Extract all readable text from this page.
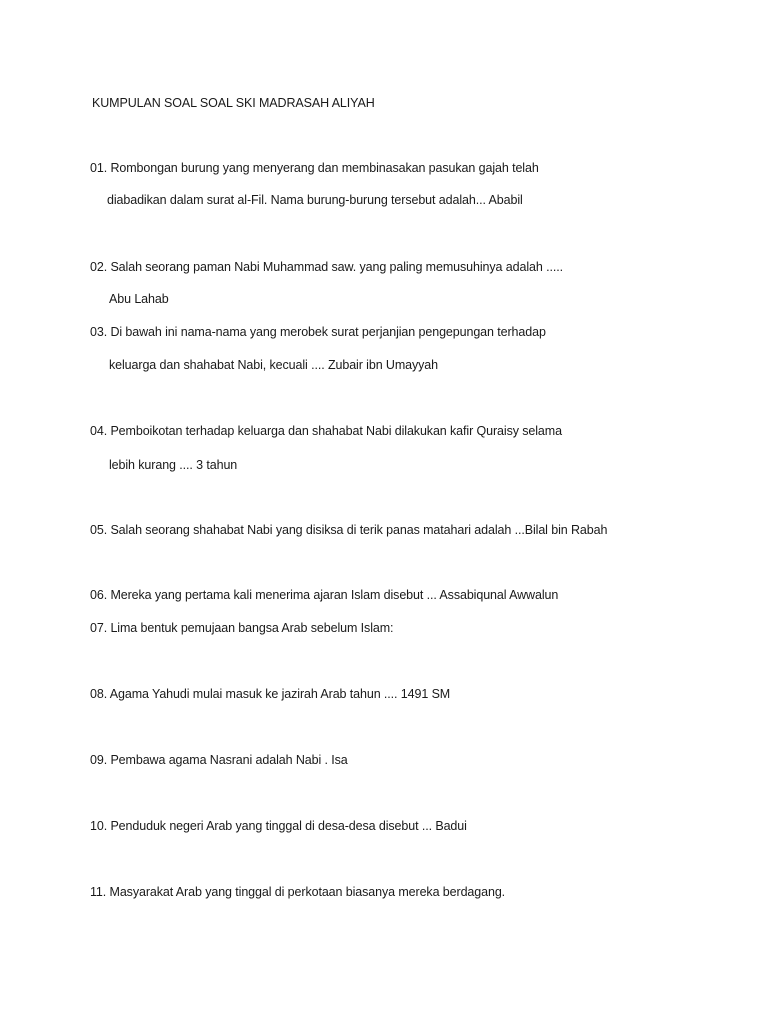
KUMPULAN SOAL SOAL SKI MADRASAH ALIYAH
01. Rombongan burung yang menyerang dan membinasakan pasukan gajah telah
diabadikan dalam surat al-Fil. Nama burung-burung tersebut adalah... Ababil
02. Salah seorang paman Nabi Muhammad saw. yang paling memusuhinya adalah .....
Abu Lahab
03. Di bawah ini nama-nama yang merobek surat perjanjian pengepungan terhadap
keluarga dan shahabat Nabi, kecuali .... Zubair ibn Umayyah
04. Pemboikotan terhadap keluarga dan shahabat Nabi dilakukan kafir Quraisy selama
lebih kurang .... 3 tahun
05. Salah seorang shahabat Nabi yang disiksa di terik panas matahari adalah ...Bilal bin Rabah
06. Mereka yang pertama kali menerima ajaran Islam disebut ... Assabiqunal Awwalun
07. Lima bentuk pemujaan bangsa Arab sebelum Islam:
08. Agama Yahudi mulai masuk ke jazirah Arab tahun .... 1491 SM
09. Pembawa agama Nasrani adalah Nabi . Isa
10. Penduduk negeri Arab yang tinggal di desa-desa disebut ... Badui
11. Masyarakat Arab yang tinggal di perkotaan biasanya mereka berdagang.
